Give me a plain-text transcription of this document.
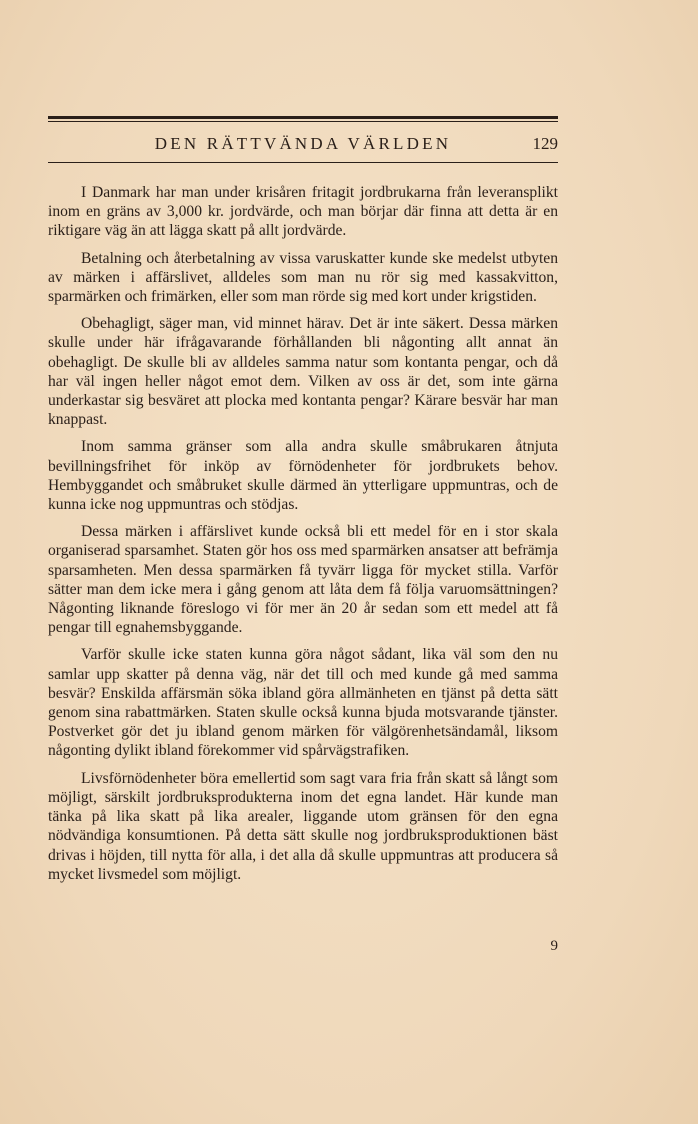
DEN RÄTTVÄNDA VÄRLDEN	129

I Danmark har man under krisåren fritagit jordbrukarna från leveransplikt inom en gräns av 3,000 kr. jordvärde, och man börjar där finna att detta är en riktigare väg än att lägga skatt på allt jordvärde.

Betalning och återbetalning av vissa varuskatter kunde ske medelst utbyten av märken i affärslivet, alldeles som man nu rör sig med kassakvitton, sparmärken och frimärken, eller som man rörde sig med kort under krigstiden.

Obehagligt, säger man, vid minnet härav. Det är inte säkert. Dessa märken skulle under här ifrågavarande förhållanden bli någonting allt annat än obehagligt. De skulle bli av alldeles samma natur som kontanta pengar, och då har väl ingen heller något emot dem. Vilken av oss är det, som inte gärna underkastar sig besväret att plocka med kontanta pengar? Kärare besvär har man knappast.

Inom samma gränser som alla andra skulle småbrukaren åtnjuta bevillningsfrihet för inköp av förnödenheter för jordbrukets behov. Hembyggandet och småbruket skulle därmed än ytterligare uppmuntras, och de kunna icke nog uppmuntras och stödjas.

Dessa märken i affärslivet kunde också bli ett medel för en i stor skala organiserad sparsamhet. Staten gör hos oss med sparmärken ansatser att befrämja sparsamheten. Men dessa sparmärken få tyvärr ligga för mycket stilla. Varför sätter man dem icke mera i gång genom att låta dem få följa varuomsättningen? Någonting liknande föreslogo vi för mer än 20 år sedan som ett medel att få pengar till egnahemsbyggande.

Varför skulle icke staten kunna göra något sådant, lika väl som den nu samlar upp skatter på denna väg, när det till och med kunde gå med samma besvär? Enskilda affärsmän söka ibland göra allmänheten en tjänst på detta sätt genom sina rabattmärken. Staten skulle också kunna bjuda motsvarande tjänster. Postverket gör det ju ibland genom märken för välgörenhetsändamål, liksom någonting dylikt ibland förekommer vid spårvägstrafiken.

Livsförnödenheter böra emellertid som sagt vara fria från skatt så långt som möjligt, särskilt jordbruksprodukterna inom det egna landet. Här kunde man tänka på lika skatt på lika arealer, liggande utom gränsen för den egna nödvändiga konsumtionen. På detta sätt skulle nog jordbruksproduktionen bäst drivas i höjden, till nytta för alla, i det alla då skulle uppmuntras att producera så mycket livsmedel som möjligt.

9
